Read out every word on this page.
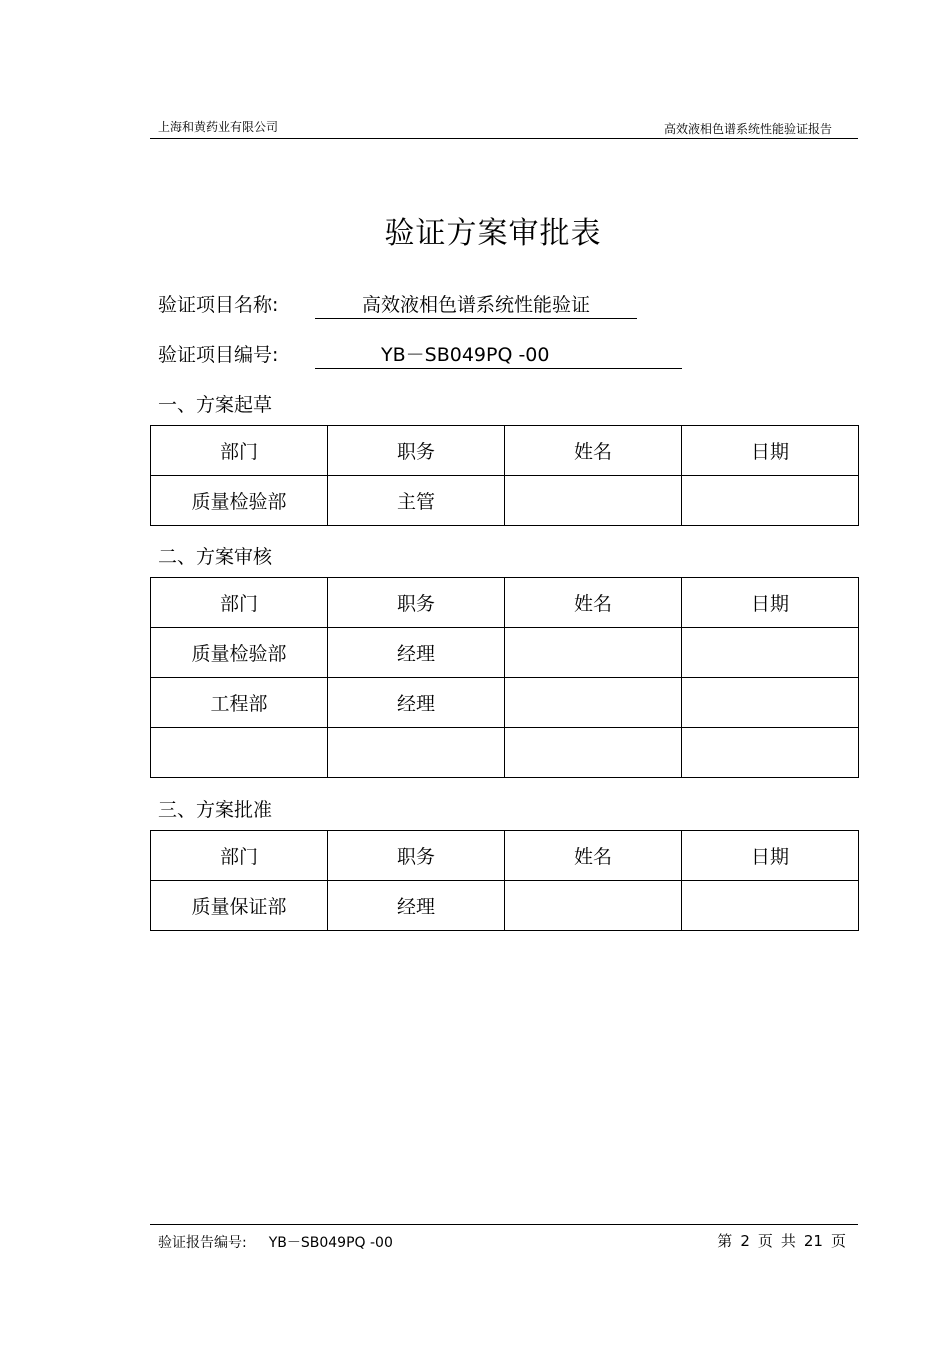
上海和黄药业有限公司	高效液相色谱系统性能验证报告
验证方案审批表
验证项目名称:	高效液相色谱系统性能验证
验证项目编号:	YB－SB049PQ -00
一、方案起草
部门	职务	姓名	日期
质量检验部	主管		
二、方案审核
部门	职务	姓名	日期
质量检验部	经理		
工程部	经理		

三、方案批准
部门	职务	姓名	日期
质量保证部	经理		
验证报告编号: YB－SB049PQ -00	第 2 页 共 21 页
